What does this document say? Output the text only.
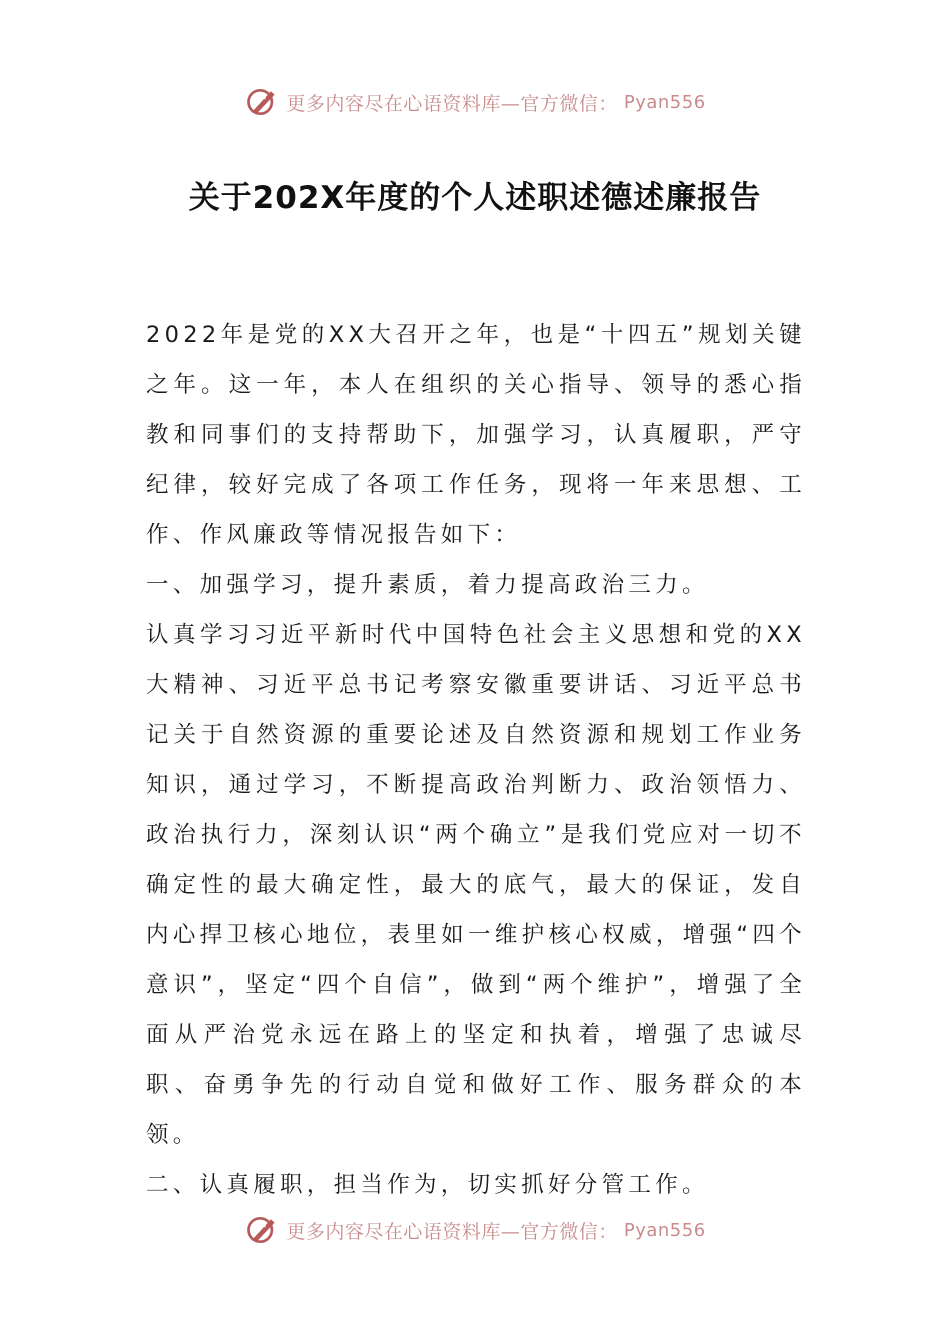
更多内容尽在心语资料库—官方微信： Pyan556
关于202X年度的个人述职述德述廉报告

2022年是党的XX大召开之年，也是“十四五”规划关键之年。这一年，本人在组织的关心指导、领导的悉心指教和同事们的支持帮助下，加强学习，认真履职，严守纪律，较好完成了各项工作任务，现将一年来思想、工作、作风廉政等情况报告如下：

一、加强学习，提升素质，着力提高政治三力。

认真学习习近平新时代中国特色社会主义思想和党的XX大精神、习近平总书记考察安徽重要讲话、习近平总书记关于自然资源的重要论述及自然资源和规划工作业务知识，通过学习，不断提高政治判断力、政治领悟力、政治执行力，深刻认识“两个确立”是我们党应对一切不确定性的最大确定性，最大的底气，最大的保证，发自内心捍卫核心地位，表里如一维护核心权威，增强“四个意识”，坚定“四个自信”，做到“两个维护”，增强了全面从严治党永远在路上的坚定和执着，增强了忠诚尽职、奋勇争先的行动自觉和做好工作、服务群众的本领。

二、认真履职，担当作为，切实抓好分管工作。

更多内容尽在心语资料库—官方微信： Pyan556
